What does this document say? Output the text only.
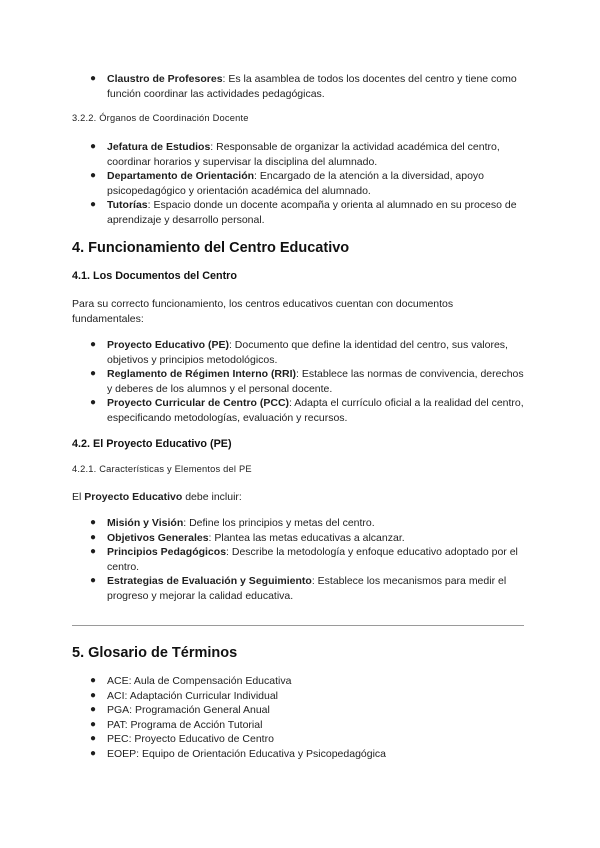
● Claustro de Profesores: Es la asamblea de todos los docentes del centro y tiene como función coordinar las actividades pedagógicas.

3.2.2. Órganos de Coordinación Docente

● Jefatura de Estudios: Responsable de organizar la actividad académica del centro, coordinar horarios y supervisar la disciplina del alumnado.
● Departamento de Orientación: Encargado de la atención a la diversidad, apoyo psicopedagógico y orientación académica del alumnado.
● Tutorías: Espacio donde un docente acompaña y orienta al alumnado en su proceso de aprendizaje y desarrollo personal.
4. Funcionamiento del Centro Educativo
4.1. Los Documentos del Centro

Para su correcto funcionamiento, los centros educativos cuentan con documentos fundamentales:

● Proyecto Educativo (PE): Documento que define la identidad del centro, sus valores, objetivos y principios metodológicos.
● Reglamento de Régimen Interno (RRI): Establece las normas de convivencia, derechos y deberes de los alumnos y el personal docente.
● Proyecto Curricular de Centro (PCC): Adapta el currículo oficial a la realidad del centro, especificando metodologías, evaluación y recursos.
4.2. El Proyecto Educativo (PE)

4.2.1. Características y Elementos del PE

El Proyecto Educativo debe incluir:

● Misión y Visión: Define los principios y metas del centro.
● Objetivos Generales: Plantea las metas educativas a alcanzar.
● Principios Pedagógicos: Describe la metodología y enfoque educativo adoptado por el centro.
● Estrategias de Evaluación y Seguimiento: Establece los mecanismos para medir el progreso y mejorar la calidad educativa.
5. Glosario de Términos
● ACE: Aula de Compensación Educativa
● ACI: Adaptación Curricular Individual
● PGA: Programación General Anual
● PAT: Programa de Acción Tutorial
● PEC: Proyecto Educativo de Centro
● EOEP: Equipo de Orientación Educativa y Psicopedagógica
